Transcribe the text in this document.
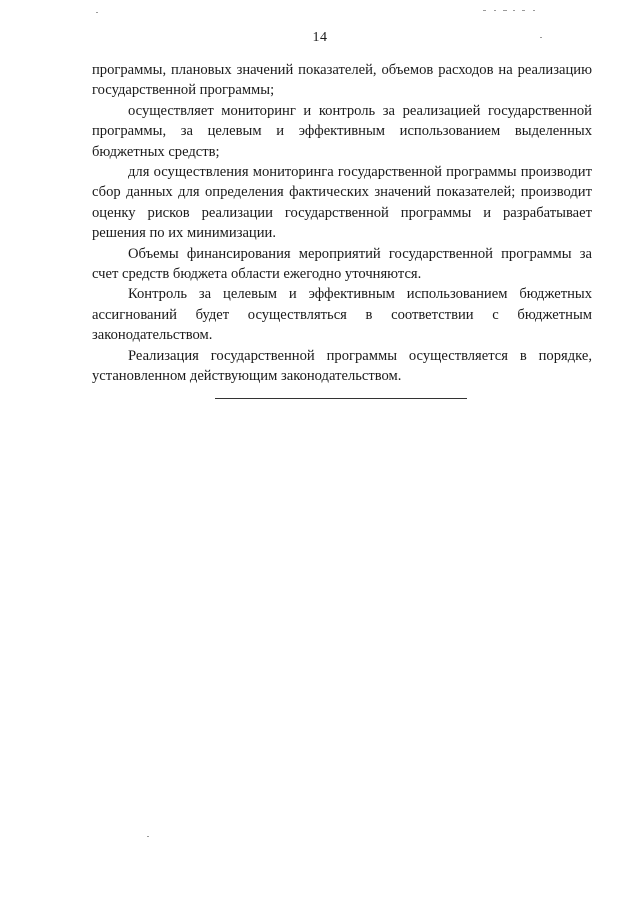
14

программы, плановых значений показателей, объемов расходов на реализацию государственной программы;

осуществляет мониторинг и контроль за реализацией государственной программы, за целевым и эффективным использованием выделенных бюджетных средств;

для осуществления мониторинга государственной программы производит сбор данных для определения фактических значений показателей; производит оценку рисков реализации государственной программы и разрабатывает решения по их минимизации.

Объемы финансирования мероприятий государственной программы за счет средств бюджета области ежегодно уточняются.

Контроль за целевым и эффективным использованием бюджетных ассигнований будет осуществляться в соответствии с бюджетным законодательством.

Реализация государственной программы осуществляется в порядке, установленном действующим законодательством.
